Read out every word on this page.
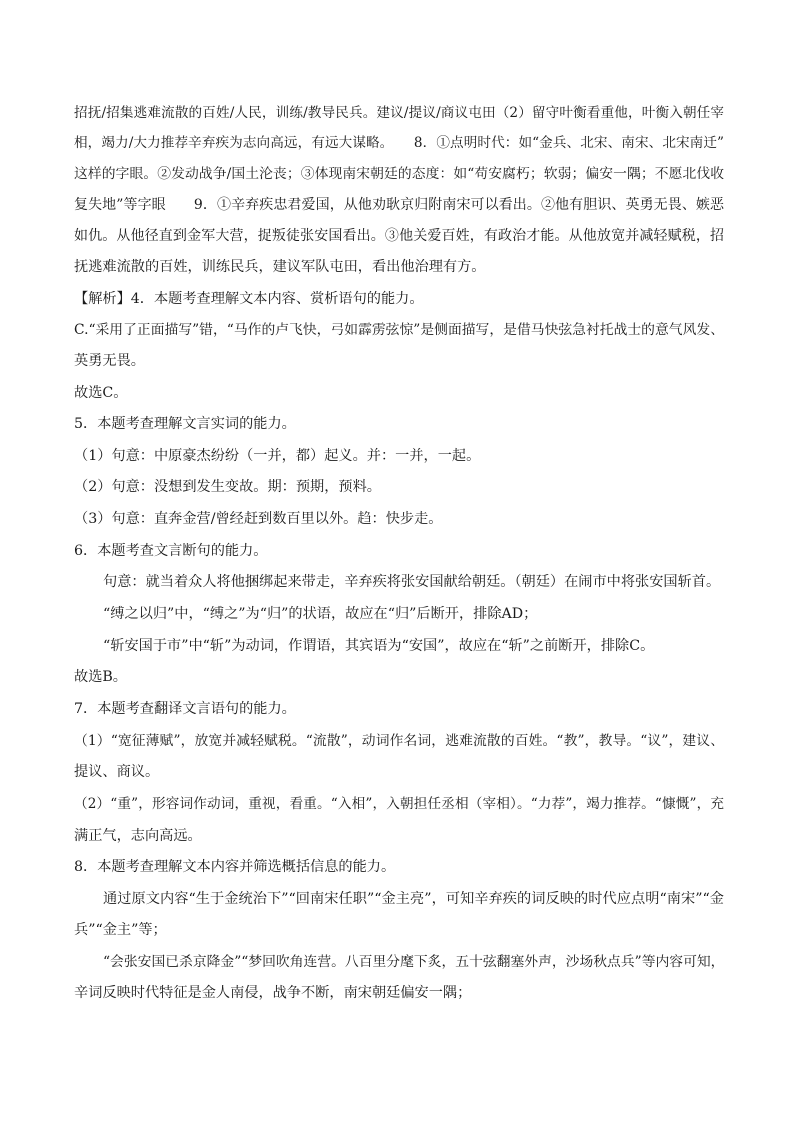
招抚/招集逃难流散的百姓/人民，训练/教导民兵。建议/提议/商议屯田（2）留守叶衡看重他，叶衡入朝任宰
相，竭力/大力推荐辛弃疾为志向高远，有远大谋略。　　8．①点明时代：如“金兵、北宋、南宋、北宋南迁”
这样的字眼。②发动战争/国土沦丧；③体现南宋朝廷的态度：如“苟安腐朽；软弱；偏安一隅；不愿北伐收
复失地”等字眼　　9．①辛弃疾忠君爱国，从他劝耿京归附南宋可以看出。②他有胆识、英勇无畏、嫉恶
如仇。从他径直到金军大营，捉叛徒张安国看出。③他关爱百姓，有政治才能。从他放宽并减轻赋税，招
抚逃难流散的百姓，训练民兵，建议军队屯田，看出他治理有方。
【解析】4．本题考查理解文本内容、赏析语句的能力。
C.“采用了正面描写”错，“马作的卢飞快，弓如霹雳弦惊”是侧面描写，是借马快弦急衬托战士的意气风发、
英勇无畏。
故选C。
5．本题考查理解文言实词的能力。
（1）句意：中原豪杰纷纷（一并，都）起义。并：一并，一起。
（2）句意：没想到发生变故。期：预期，预料。
（3）句意：直奔金营/曾经赶到数百里以外。趋：快步走。
6．本题考查文言断句的能力。
句意：就当着众人将他捆绑起来带走，辛弃疾将张安国献给朝廷。（朝廷）在闹市中将张安国斩首。
“缚之以归”中，“缚之”为“归”的状语，故应在“归”后断开，排除AD；
“斩安国于市”中“斩”为动词，作谓语，其宾语为“安国”，故应在“斩”之前断开，排除C。
故选B。
7．本题考查翻译文言语句的能力。
（1）“宽征薄赋”，放宽并减轻赋税。“流散”，动词作名词，逃难流散的百姓。“教”，教导。“议”，建议、
提议、商议。
（2）“重”，形容词作动词，重视，看重。“入相”，入朝担任丞相（宰相）。“力荐”，竭力推荐。“慷慨”，充
满正气，志向高远。
8．本题考查理解文本内容并筛选概括信息的能力。
通过原文内容“生于金统治下”“回南宋任职”“金主亮”，可知辛弃疾的词反映的时代应点明“南宋”“金
兵”“金主”等；
“会张安国已杀京降金”“梦回吹角连营。八百里分麾下炙，五十弦翻塞外声，沙场秋点兵”等内容可知，
辛词反映时代特征是金人南侵，战争不断，南宋朝廷偏安一隅；
